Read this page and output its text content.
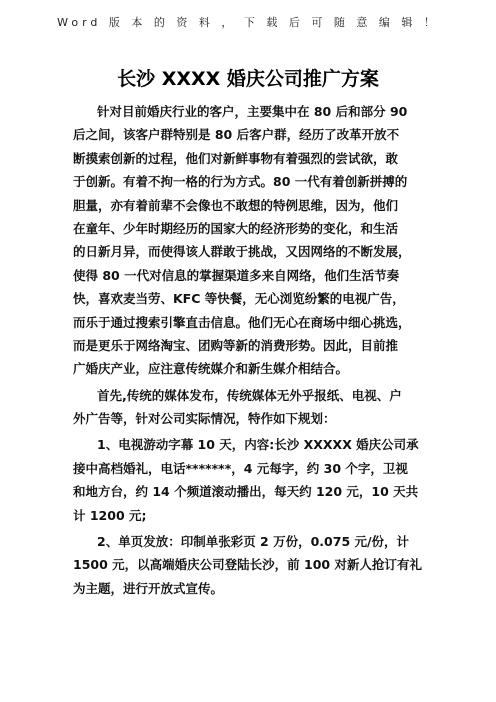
Word 版 本 的 资 料 ， 下 载 后 可 随 意 编 辑 ！
长沙 XXXX 婚庆公司推广方案
针对目前婚庆行业的客户，主要集中在 80 后和部分 90
后之间，该客户群特别是 80 后客户群，经历了改革开放不
断摸索创新的过程，他们对新鲜事物有着强烈的尝试欲，敢
于创新。有着不拘一格的行为方式。80 一代有着创新拼搏的
胆量，亦有着前辈不会像也不敢想的特例思维，因为，他们
在童年、少年时期经历的国家大的经济形势的变化，和生活
的日新月异，而使得该人群敢于挑战，又因网络的不断发展，
使得 80 一代对信息的掌握渠道多来自网络，他们生活节奏
快，喜欢麦当劳、KFC 等快餐，无心浏览纷繁的电视广告，
而乐于通过搜索引擎直击信息。他们无心在商场中细心挑选，
而是更乐于网络淘宝、团购等新的消费形势。因此，目前推
广婚庆产业，应注意传统媒介和新生媒介相结合。
首先,传统的媒体发布，传统媒体无外乎报纸、电视、户
外广告等，针对公司实际情况，特作如下规划：
1、电视游动字幕 10 天，内容:长沙 XXXXX 婚庆公司承
接中高档婚礼，电话*******，4 元每字，约 30 个字，卫视
和地方台，约 14 个频道滚动播出，每天约 120 元，10 天共
计 1200 元;
2、单页发放：印制单张彩页 2 万份，0.075 元/份，计
1500 元，以高端婚庆公司登陆长沙，前 100 对新人抢订有礼
为主题，进行开放式宣传。
